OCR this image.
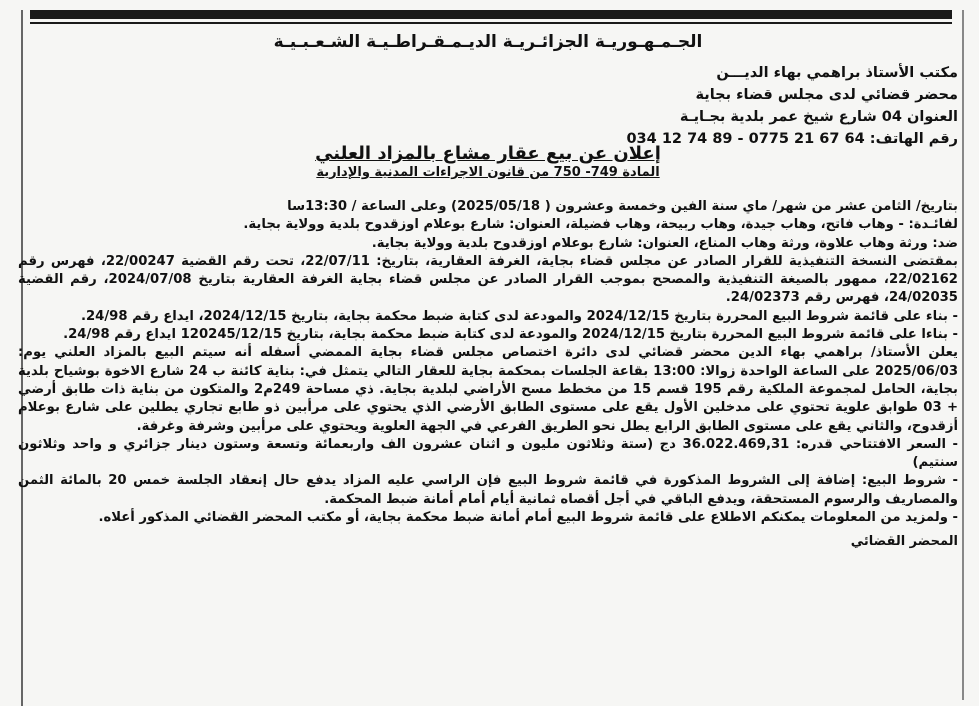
الجـمـهـوريـة الجزائـريـة الديـمـقـراطـيـة الشـعـبـيـة
مكتب الأستاذ براهمي بهاء الديـــن
محضر قضائي لدى مجلس قضاء بجاية
العنوان 04 شارع شيخ عمر بلدية بجـايـة
رقم الهاتف: 64 67 21 0775 - 89 74 12 034
إعلان عن بيع عقار مشاع بالمزاد العلني
المادة 749- 750 من قانون الاجراءات المدنية والإدارية

بتاريخ/ الثامن عشر من شهر/ ماي سنة الفين وخمسة وعشرون ( 2025/05/18) وعلى الساعة / 13:30سا

لفائـدة: - وهاب فاتح، وهاب جيدة، وهاب ربيحة، وهاب فضيلة، العنوان: شارع بوعلام اوزقدوح بلدية وولاية بجاية.

ضد: ورثة وهاب علاوة، ورثة وهاب المناع، العنوان: شارع بوعلام اوزقدوح بلدية وولاية بجاية.

بمقتضى النسخة التنفيذية للقرار الصادر عن مجلس قضاء بجاية، الغرفة العقارية، بتاريخ: 22/07/11، تحت رقم القضية 22/00247، فهرس رقم 22/02162، ممهور بالصيغة التنفيذية والمصحح بموجب القرار الصادر عن مجلس قضاء بجاية الغرفة العقارية بتاريخ 2024/07/08، رقم القضية 24/02035، فهرس رقم 24/02373.

- بناء على قائمة شروط البيع المحررة بتاريخ 2024/12/15 والمودعة لدى كتابة ضبط محكمة بجاية، بتاريخ 2024/12/15، ايداع رقم 24/98.

- بناءا على قائمة شروط البيع المحررة بتاريخ 2024/12/15 والمودعة لدى كتابة ضبط محكمة بجاية، بتاريخ 120245/12/15 ايداع رقم 24/98.

يعلن الأستاذ/ براهمي بهاء الدين محضر قضائي لدى دائرة اختصاص مجلس قضاء بجاية الممضي أسفله أنه سيتم البيع بالمزاد العلني يوم: 2025/06/03 على الساعة الواحدة زوالا: 13:00 بقاعة الجلسات بمحكمة بجاية للعقار التالي يتمثل في: بناية كائنة ب 24 شارع الاخوة بوشياح بلدية بجاية، الحامل لمجموعة الملكية رقم 195 قسم 15 من مخطط مسح الأراضي لبلدية بجاية. ذي مساحة 249م2 والمتكون من بناية ذات طابق أرضي + 03 طوابق علوية تحتوي على مدخلين الأول يقع على مستوى الطابق الأرضي الذي يحتوي على مرأبين ذو طابع تجاري يطلين على شارع بوعلام أزقدوح، والثاني يقع على مستوى الطابق الرابع يطل نحو الطريق الفرعي في الجهة العلوية ويحتوي على مرأبين وشرفة وغرفة.

- السعر الافتتاحي قدره: 36.022.469,31 دج (ستة وثلاثون مليون و اثنان عشرون الف واربعمائة وتسعة وستون دينار جزائري و واحد وثلاثون سنتيم)

- شروط البيع: إضافة إلى الشروط المذكورة في قائمة شروط البيع فإن الراسي عليه المزاد يدفع حال إنعقاد الجلسة خمس 20 بالمائة الثمن والمصاريف والرسوم المستحقة، ويدفع الباقي في أجل أقصاه ثمانية أيام أمام أمانة ضبط المحكمة.

- ولمزيد من المعلومات يمكنكم الاطلاع على قائمة شروط البيع أمام أمانة ضبط محكمة بجاية، أو مكتب المحضر القضائي المذكور أعلاه.

المحضر القضائي
